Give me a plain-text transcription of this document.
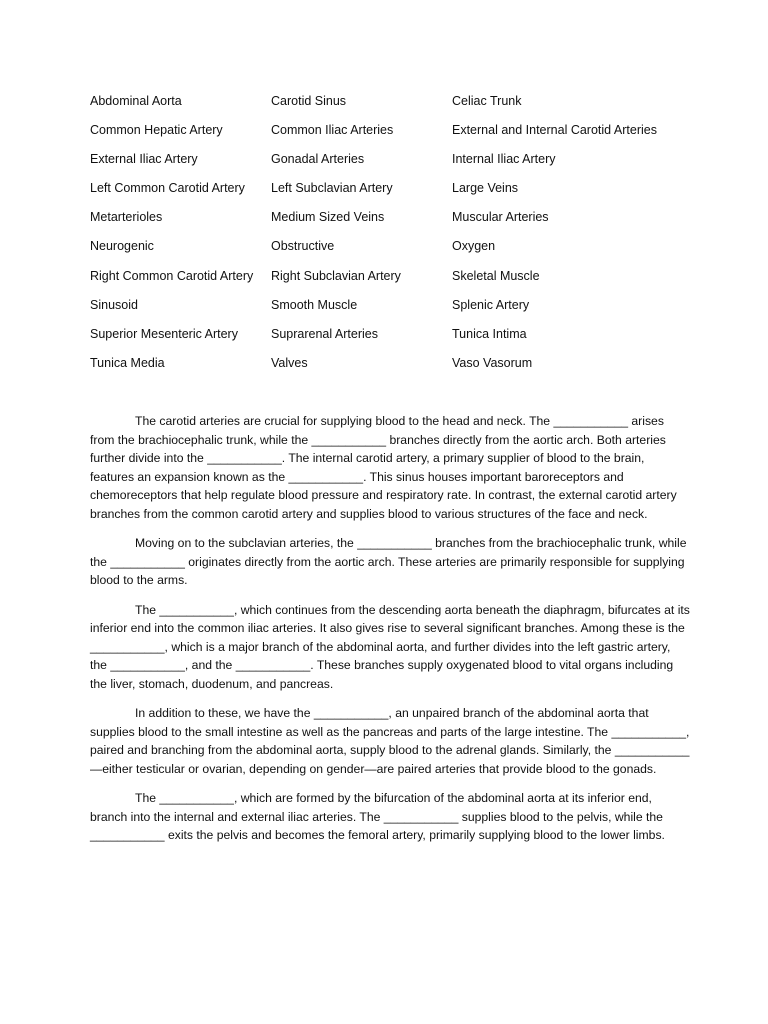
Abdominal Aorta	Carotid Sinus	Celiac Trunk
Common Hepatic Artery	Common Iliac Arteries	External and Internal Carotid Arteries
External Iliac Artery	Gonadal Arteries	Internal Iliac Artery
Left Common Carotid Artery	Left Subclavian Artery	Large Veins
Metarterioles	Medium Sized Veins	Muscular Arteries
Neurogenic	Obstructive	Oxygen
Right Common Carotid Artery	Right Subclavian Artery	Skeletal Muscle
Sinusoid	Smooth Muscle	Splenic Artery
Superior Mesenteric Artery	Suprarenal Arteries	Tunica Intima
Tunica Media	Valves	Vaso Vasorum

The carotid arteries are crucial for supplying blood to the head and neck. The ___________ arises from the brachiocephalic trunk, while the ___________ branches directly from the aortic arch. Both arteries further divide into the ___________. The internal carotid artery, a primary supplier of blood to the brain, features an expansion known as the ___________. This sinus houses important baroreceptors and chemoreceptors that help regulate blood pressure and respiratory rate. In contrast, the external carotid artery branches from the common carotid artery and supplies blood to various structures of the face and neck.

Moving on to the subclavian arteries, the ___________ branches from the brachiocephalic trunk, while the ___________ originates directly from the aortic arch. These arteries are primarily responsible for supplying blood to the arms.

The ___________, which continues from the descending aorta beneath the diaphragm, bifurcates at its inferior end into the common iliac arteries. It also gives rise to several significant branches. Among these is the ___________, which is a major branch of the abdominal aorta, and further divides into the left gastric artery, the ___________, and the ___________. These branches supply oxygenated blood to vital organs including the liver, stomach, duodenum, and pancreas.

In addition to these, we have the ___________, an unpaired branch of the abdominal aorta that supplies blood to the small intestine as well as the pancreas and parts of the large intestine. The ___________, paired and branching from the abdominal aorta, supply blood to the adrenal glands. Similarly, the ___________ —either testicular or ovarian, depending on gender—are paired arteries that provide blood to the gonads.

The ___________, which are formed by the bifurcation of the abdominal aorta at its inferior end, branch into the internal and external iliac arteries. The ___________ supplies blood to the pelvis, while the ___________ exits the pelvis and becomes the femoral artery, primarily supplying blood to the lower limbs.
